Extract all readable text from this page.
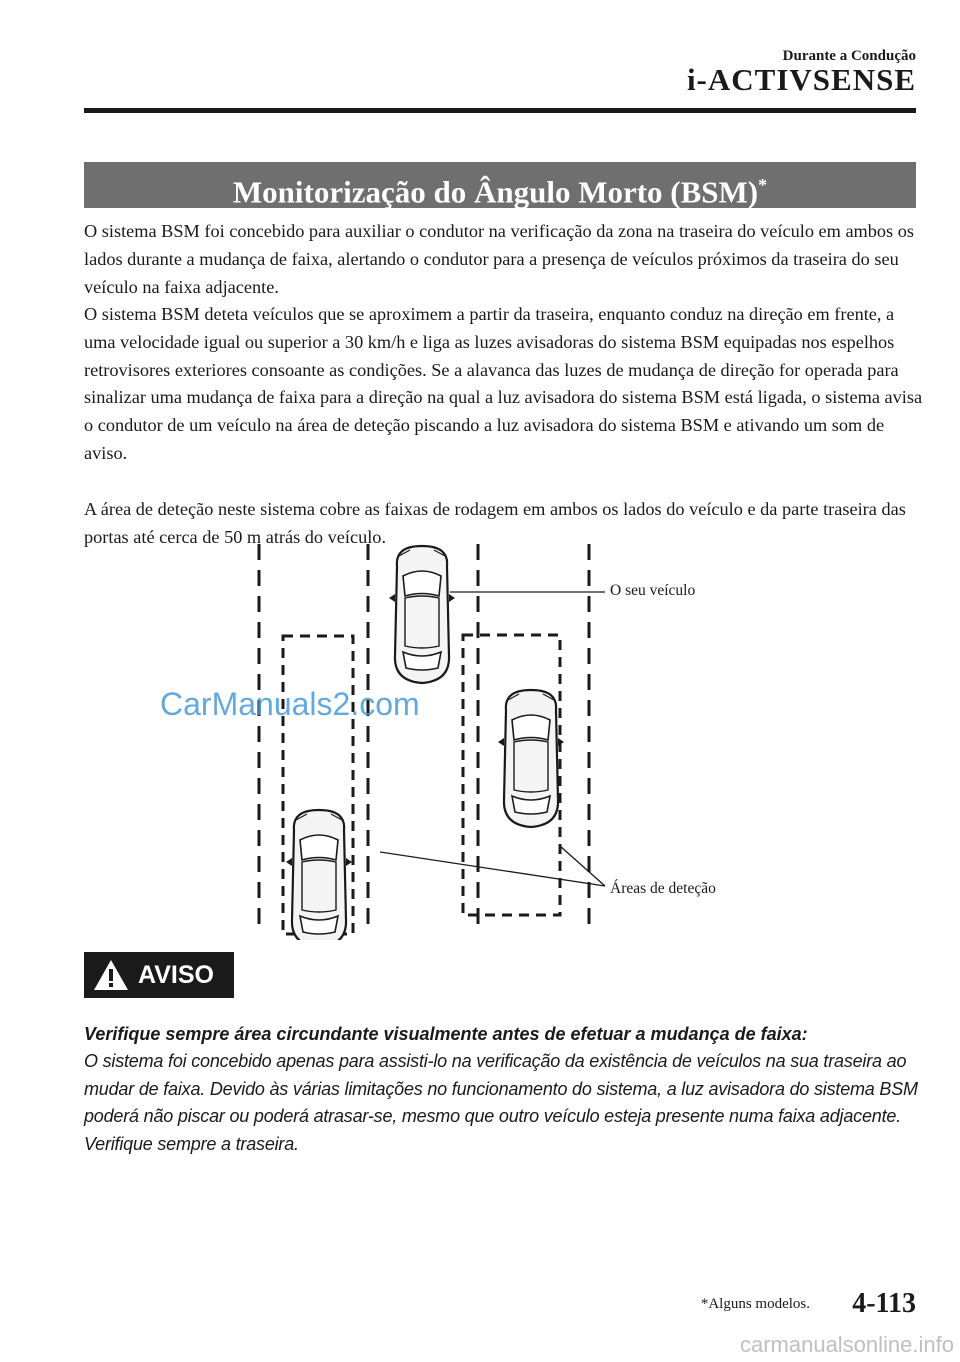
Durante a Condução
i-ACTIVSENSE
Monitorização do Ângulo Morto (BSM)*
O sistema BSM foi concebido para auxiliar o condutor na verificação da zona na traseira do veículo em ambos os lados durante a mudança de faixa, alertando o condutor para a presença de veículos próximos da traseira do seu veículo na faixa adjacente.
O sistema BSM deteta veículos que se aproximem a partir da traseira, enquanto conduz na direção em frente, a uma velocidade igual ou superior a 30 km/h e liga as luzes avisadoras do sistema BSM equipadas nos espelhos retrovisores exteriores consoante as condições. Se a alavanca das luzes de mudança de direção for operada para sinalizar uma mudança de faixa para a direção na qual a luz avisadora do sistema BSM está ligada, o sistema avisa o condutor de um veículo na área de deteção piscando a luz avisadora do sistema BSM e ativando um som de aviso.
A área de deteção neste sistema cobre as faixas de rodagem em ambos os lados do veículo e da parte traseira das portas até cerca de 50 m atrás do veículo.
O seu veículo
Áreas de deteção
CarManuals2.com
AVISO
Verifique sempre área circundante visualmente antes de efetuar a mudança de faixa:
O sistema foi concebido apenas para assisti-lo na verificação da existência de veículos na sua traseira ao mudar de faixa. Devido às várias limitações no funcionamento do sistema, a luz avisadora do sistema BSM poderá não piscar ou poderá atrasar-se, mesmo que outro veículo esteja presente numa faixa adjacente. Verifique sempre a traseira.
*Alguns modelos. 4-113
carmanualsonline.info
